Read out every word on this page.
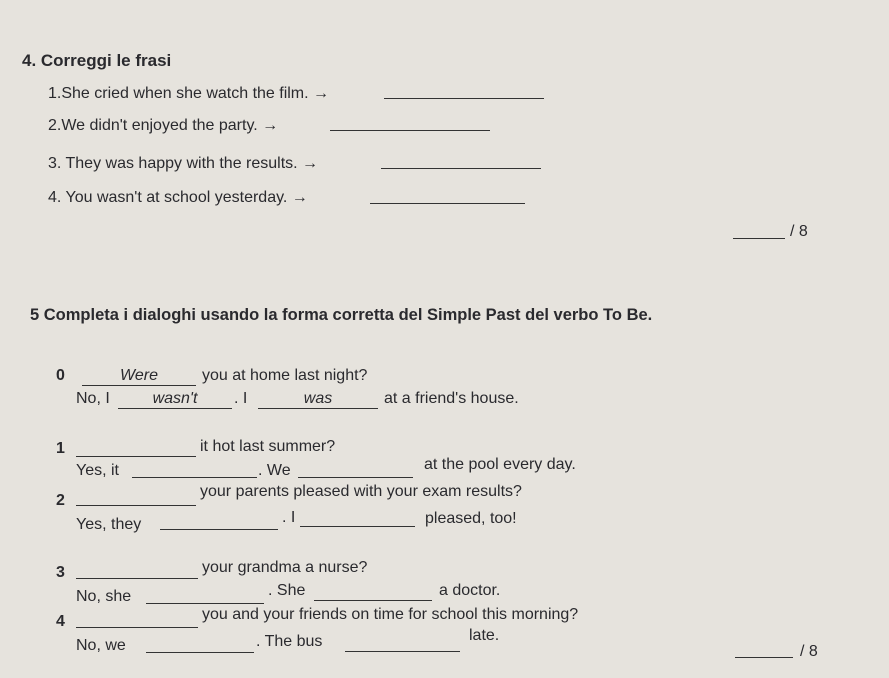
4. Correggi le frasi
1.She cried when she watch the film. →
2.We didn't enjoyed the party. →
3. They was happy with the results. →
4. You wasn't at school yesterday. →
/ 8
5 Completa i dialoghi usando la forma corretta del Simple Past del verbo To Be.
0	Were	you at home last night?
No, I	wasn't	. I	was	at a friend's house.
1	it hot last summer?
Yes, it	. We	at the pool every day.
2
your parents pleased with your exam results?
Yes, they	. I	pleased, too!
3	your grandma a nurse?
No, she	. She	a doctor.
4	you and your friends on time for school this morning?
No, we	. The bus	late.
/ 8
